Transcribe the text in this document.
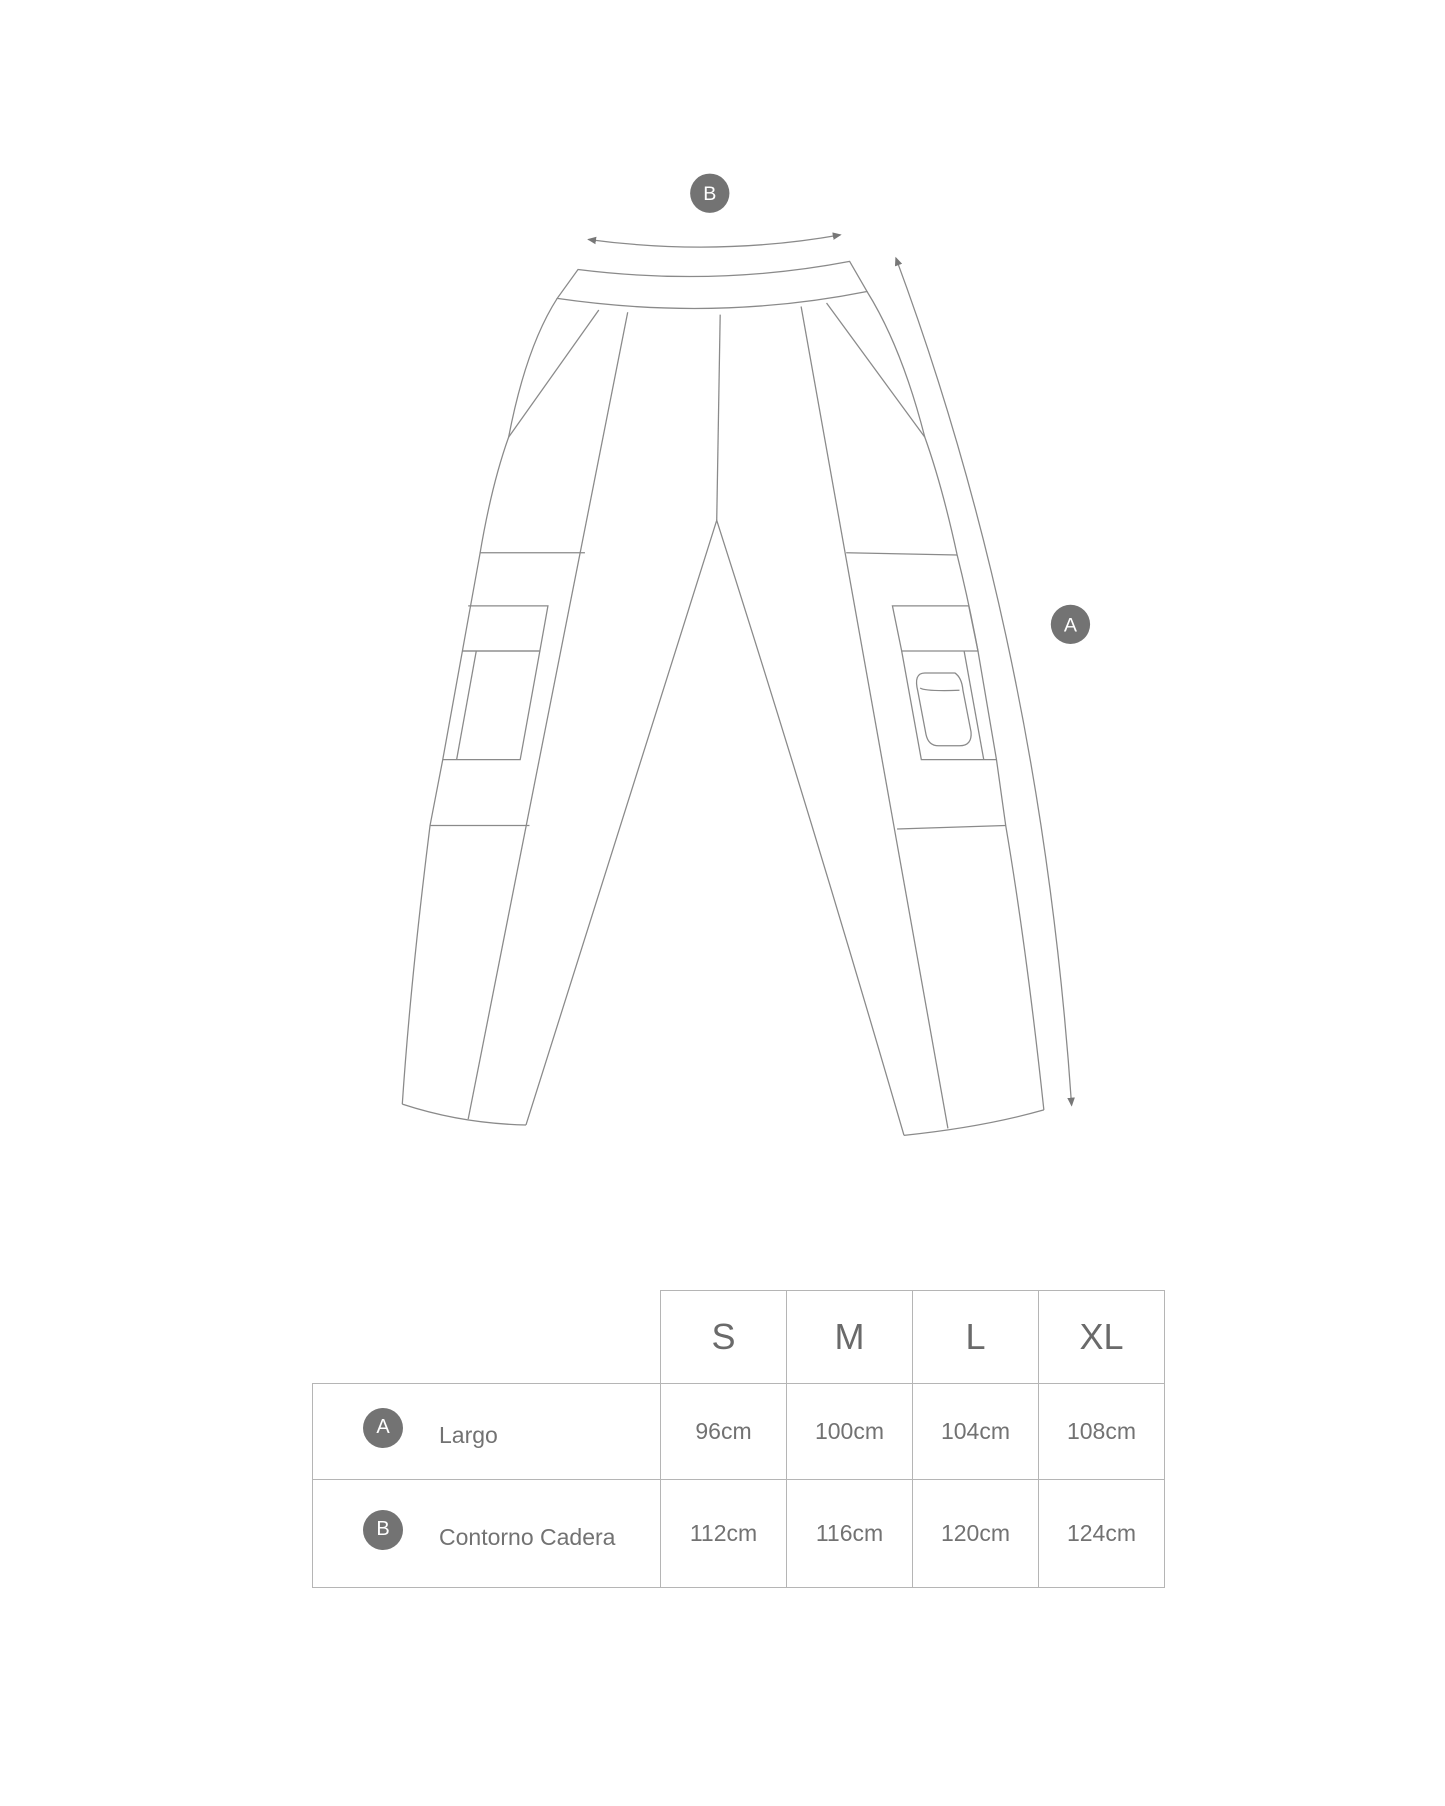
B
A
	S	M	L	XL

A Largo	96cm	100cm	104cm	108cm

B Contorno Cadera	112cm	116cm	120cm	124cm
